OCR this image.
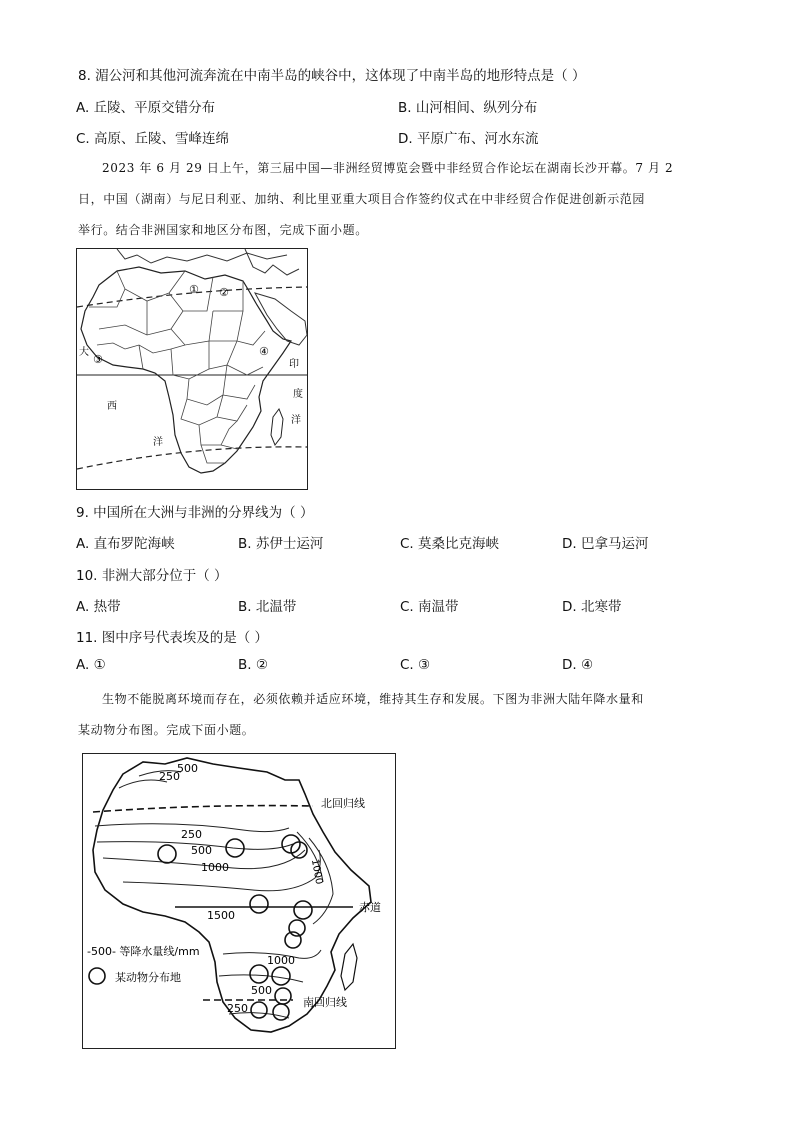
8. 湄公河和其他河流奔流在中南半岛的峡谷中，这体现了中南半岛的地形特点是（ ）
A. 丘陵、平原交错分布	B. 山河相间、纵列分布
C. 高原、丘陵、雪峰连绵	D. 平原广布、河水东流
2023 年 6 月 29 日上午，第三届中国—非洲经贸博览会暨中非经贸合作论坛在湖南长沙开幕。7 月 2
日，中国（湖南）与尼日利亚、加纳、利比里亚重大项目合作签约仪式在中非经贸合作促进创新示范园
举行。结合非洲国家和地区分布图，完成下面小题。
① ②
③
④
大
西
洋
印
度
洋
9. 中国所在大洲与非洲的分界线为（ ）
A. 直布罗陀海峡	B. 苏伊士运河	C. 莫桑比克海峡	D. 巴拿马运河
10. 非洲大部分位于（ ）
A. 热带	B. 北温带	C. 南温带	D. 北寒带
11. 图中序号代表埃及的是（ ）
A. ①	B. ②	C. ③	D. ④
生物不能脱离环境而存在，必须依赖并适应环境，维持其生存和发展。下图为非洲大陆年降水量和
某动物分布图。完成下面小题。
500
250
北回归线
250
500
1000	1000
1500
赤道
-500- 等降水量线/mm
某动物分布地
1000
500
250	南回归线
